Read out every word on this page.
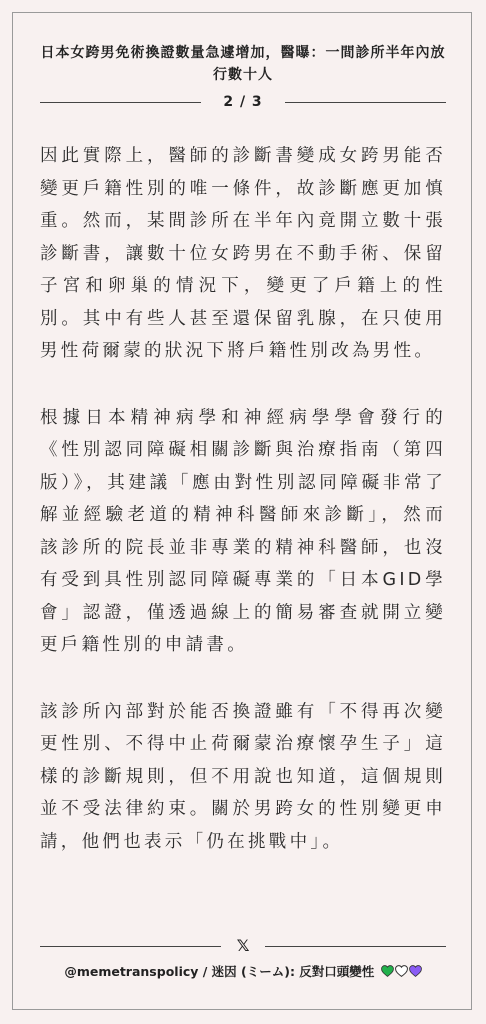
日本女跨男免術換證數量急遽增加，醫曝：一間診所半年內放行數十人
2 / 3

因此實際上，醫師的診斷書變成女跨男能否變更戶籍性別的唯一條件，故診斷應更加慎重。然而，某間診所在半年內竟開立數十張診斷書，讓數十位女跨男在不動手術、保留子宮和卵巢的情況下，變更了戶籍上的性別。其中有些人甚至還保留乳腺，在只使用男性荷爾蒙的狀況下將戶籍性別改為男性。

根據日本精神病學和神經病學學會發行的《性別認同障礙相關診斷與治療指南（第四版）》，其建議「應由對性別認同障礙非常了解並經驗老道的精神科醫師來診斷」，然而該診所的院長並非專業的精神科醫師，也沒有受到具性別認同障礙專業的「日本GID學會」認證，僅透過線上的簡易審查就開立變更戶籍性別的申請書。

該診所內部對於能否換證雖有「不得再次變更性別、不得中止荷爾蒙治療懷孕生子」這樣的診斷規則，但不用說也知道，這個規則並不受法律約束。關於男跨女的性別變更申請，他們也表示「仍在挑戰中」。

𝕏
@memetranspolicy / 迷因 (ミーム): 反對口頭變性
